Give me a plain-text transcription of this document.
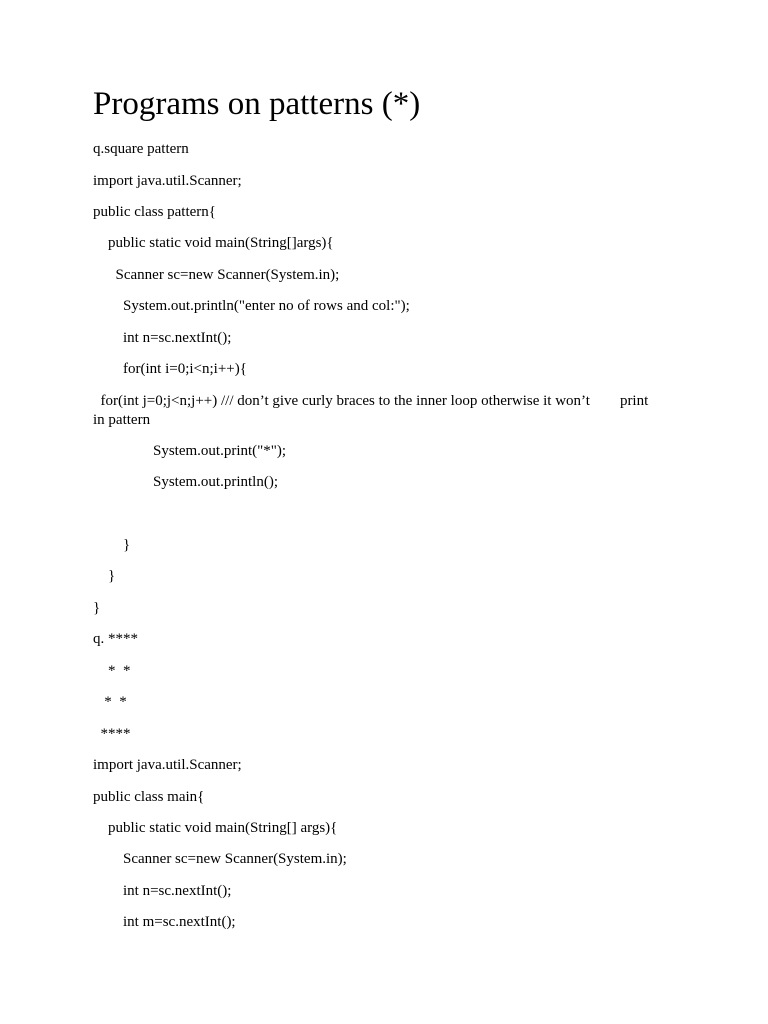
Programs on patterns (*)
q.square pattern
import java.util.Scanner;
public class pattern{
public static void main(String[]args){
Scanner sc=new Scanner(System.in);
System.out.println("enter no of rows and col:");
int n=sc.nextInt();
for(int i=0;i<n;i++){
for(int j=0;j<n;j++) /// don’t give curly braces to the inner loop otherwise it won’t        print
in pattern
System.out.print("*");
System.out.println();
}
}
}
q. ****
*  *
*  *
****
import java.util.Scanner;
public class main{
public static void main(String[] args){
Scanner sc=new Scanner(System.in);
int n=sc.nextInt();
int m=sc.nextInt();
